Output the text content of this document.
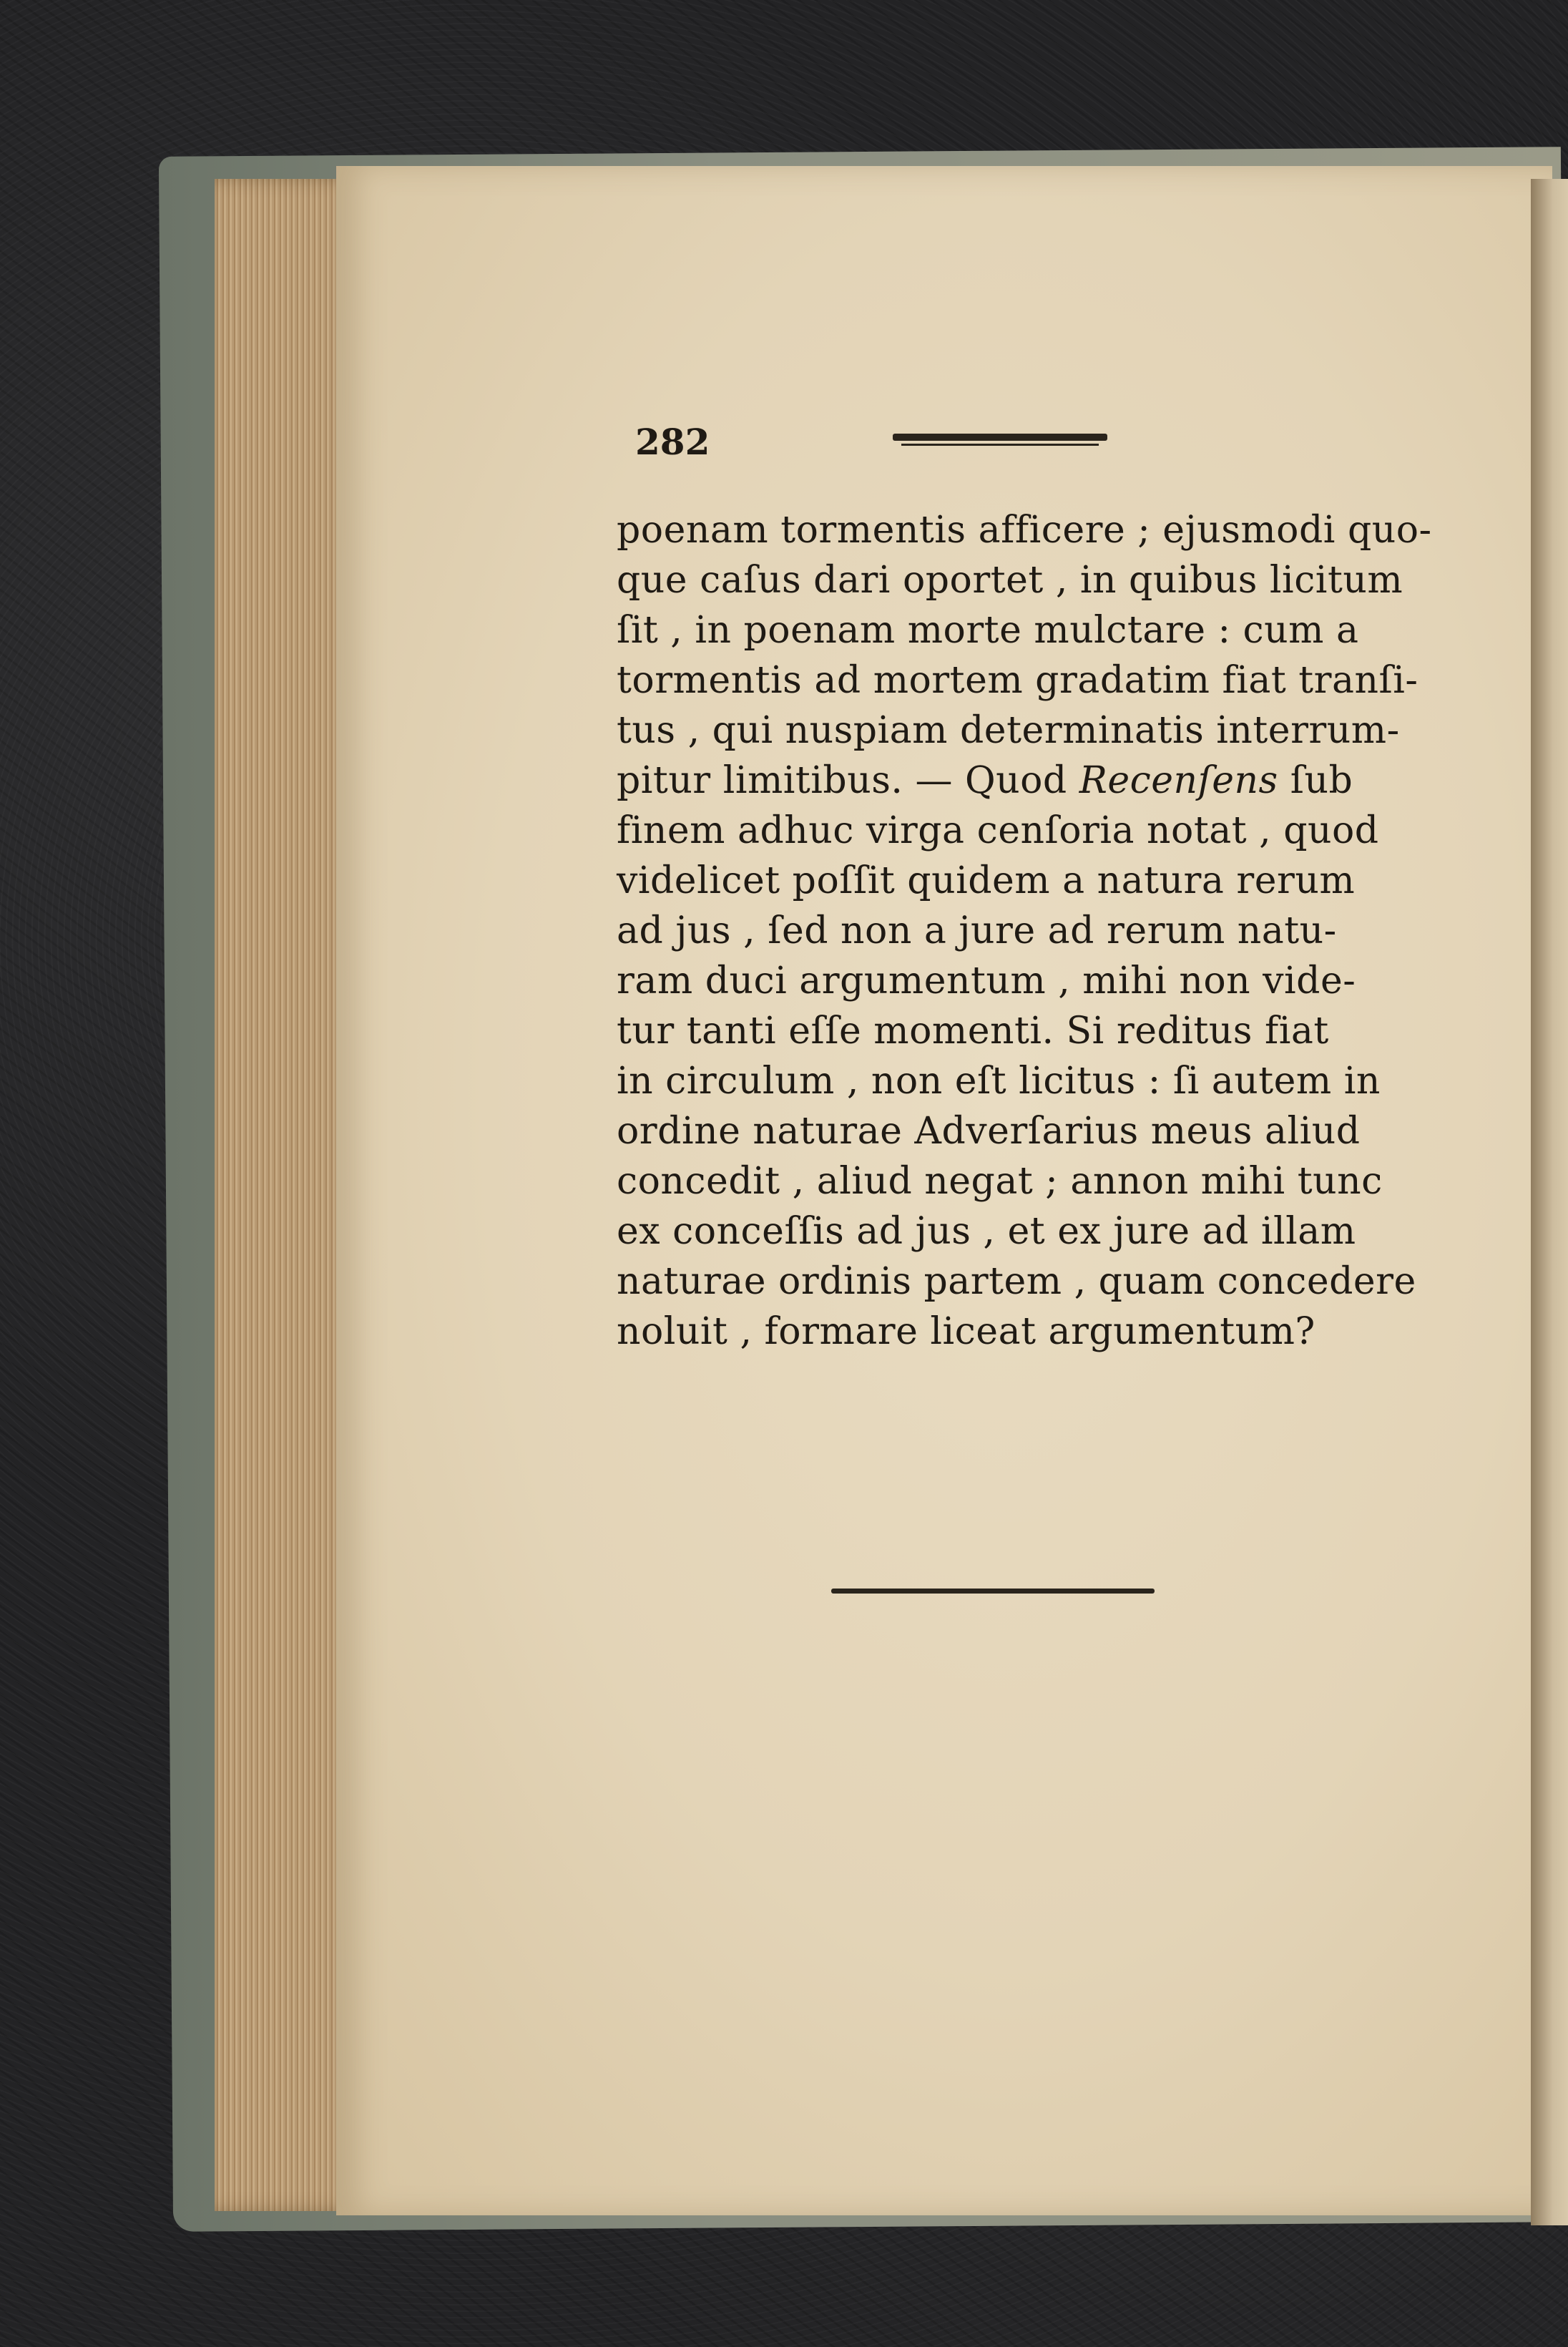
282
poenam tormentis afficere ; ejusmodi quo-
que caſus dari oportet , in quibus licitum
ſit , in poenam morte mulctare : cum a
tormentis ad mortem gradatim fiat tranſi-
tus , qui nuspiam determinatis interrum-
pitur limitibus. — Quod Recenſens ſub
finem adhuc virga cenſoria notat , quod
videlicet poſſit quidem a natura rerum
ad jus , ſed non a jure ad rerum natu-
ram duci argumentum , mihi non vide-
tur tanti eſſe momenti. Si reditus fiat
in circulum , non eſt licitus : ſi autem in
ordine naturae Adverſarius meus aliud
concedit , aliud negat ; annon mihi tunc
ex conceſſis ad jus , et ex jure ad illam
naturae ordinis partem , quam concedere
noluit , formare liceat argumentum?
